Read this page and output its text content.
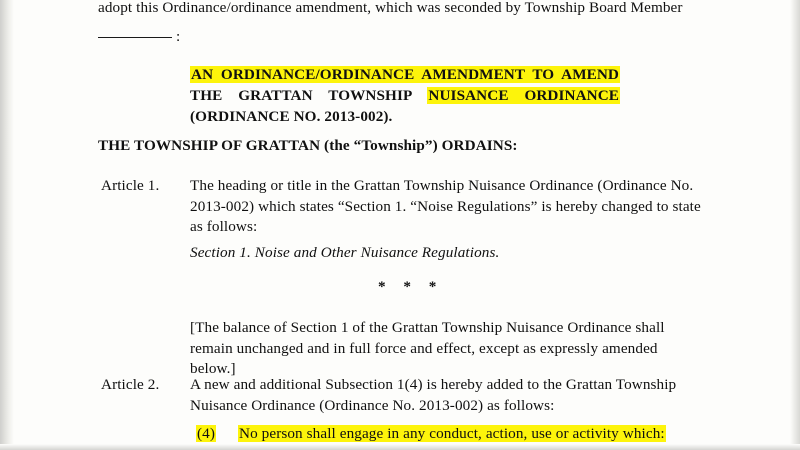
adopt this Ordinance/ordinance amendment, which was seconded by Township Board Member
:
AN ORDINANCE/ORDINANCE AMENDMENT TO AMEND
THE GRATTAN TOWNSHIP NUISANCE ORDINANCE
(ORDINANCE NO. 2013-002).
THE TOWNSHIP OF GRATTAN (the “Township”) ORDAINS:
Article 1. The heading or title in the Grattan Township Nuisance Ordinance (Ordinance No. 2013-002) which states “Section 1. “Noise Regulations” is hereby changed to state as follows:

Section 1. Noise and Other Nuisance Regulations.
* * *

[The balance of Section 1 of the Grattan Township Nuisance Ordinance shall remain unchanged and in full force and effect, except as expressly amended below.]

Article 2. A new and additional Subsection 1(4) is hereby added to the Grattan Township Nuisance Ordinance (Ordinance No. 2013-002) as follows:

(4) No person shall engage in any conduct, action, use or activity which:
